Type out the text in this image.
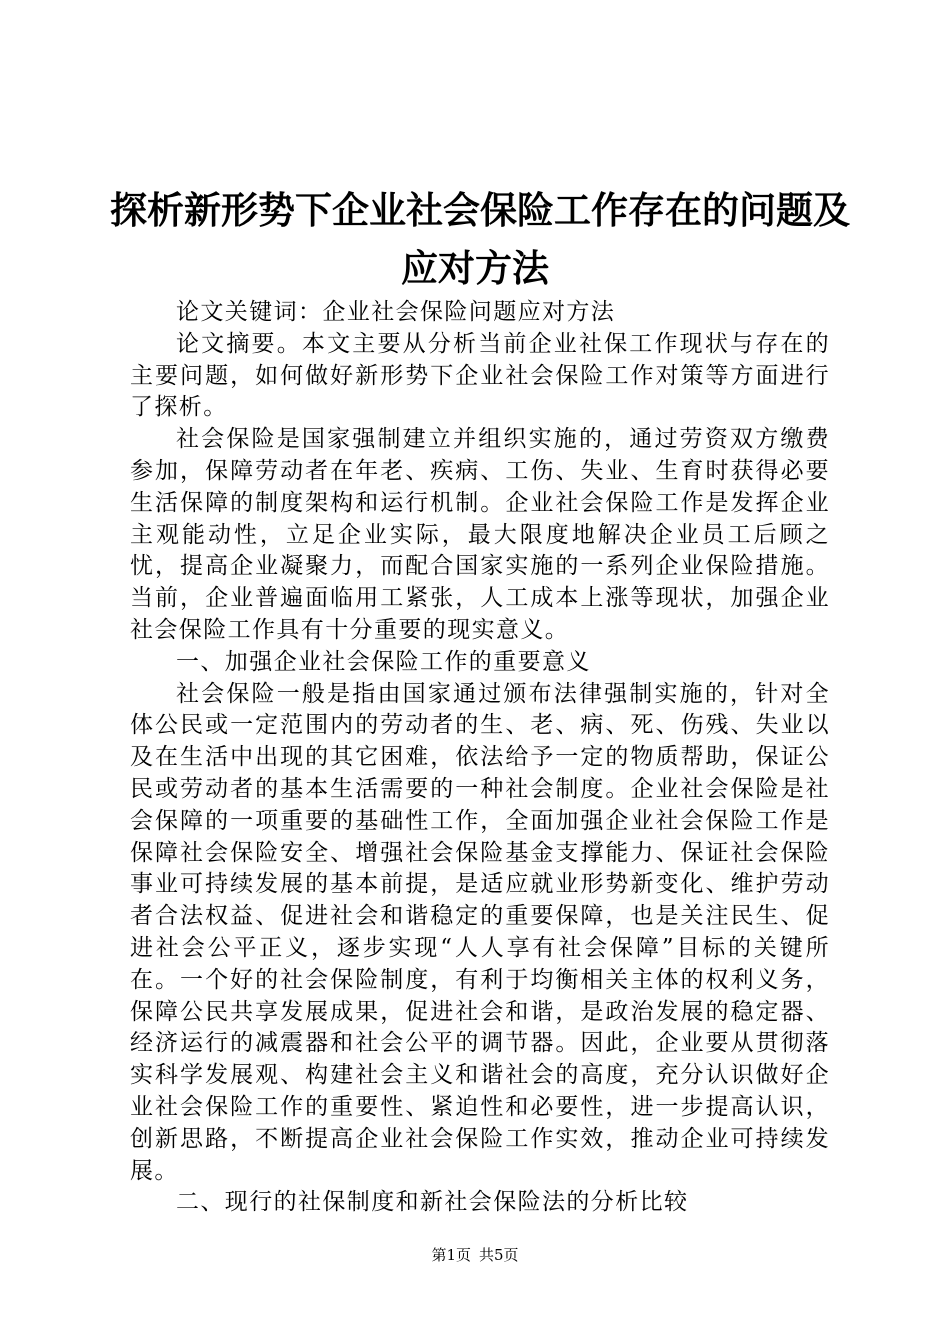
探析新形势下企业社会保险工作存在的问题及
应对方法

论文关键词：企业社会保险问题应对方法

论文摘要。本文主要从分析当前企业社保工作现状与存在的主要问题，如何做好新形势下企业社会保险工作对策等方面进行了探析。

社会保险是国家强制建立并组织实施的，通过劳资双方缴费参加，保障劳动者在年老、疾病、工伤、失业、生育时获得必要生活保障的制度架构和运行机制。企业社会保险工作是发挥企业主观能动性，立足企业实际，最大限度地解决企业员工后顾之忧，提高企业凝聚力，而配合国家实施的一系列企业保险措施。当前，企业普遍面临用工紧张，人工成本上涨等现状，加强企业社会保险工作具有十分重要的现实意义。

一、加强企业社会保险工作的重要意义

社会保险一般是指由国家通过颁布法律强制实施的，针对全体公民或一定范围内的劳动者的生、老、病、死、伤残、失业以及在生活中出现的其它困难，依法给予一定的物质帮助，保证公民或劳动者的基本生活需要的一种社会制度。企业社会保险是社会保障的一项重要的基础性工作，全面加强企业社会保险工作是保障社会保险安全、增强社会保险基金支撑能力、保证社会保险事业可持续发展的基本前提，是适应就业形势新变化、维护劳动者合法权益、促进社会和谐稳定的重要保障，也是关注民生、促进社会公平正义，逐步实现“人人享有社会保障”目标的关键所在。一个好的社会保险制度，有利于均衡相关主体的权利义务，保障公民共享发展成果，促进社会和谐，是政治发展的稳定器、经济运行的减震器和社会公平的调节器。因此，企业要从贯彻落实科学发展观、构建社会主义和谐社会的高度，充分认识做好企业社会保险工作的重要性、紧迫性和必要性，进一步提高认识，创新思路，不断提高企业社会保险工作实效，推动企业可持续发展。

二、现行的社保制度和新社会保险法的分析比较

第1页 共5页
